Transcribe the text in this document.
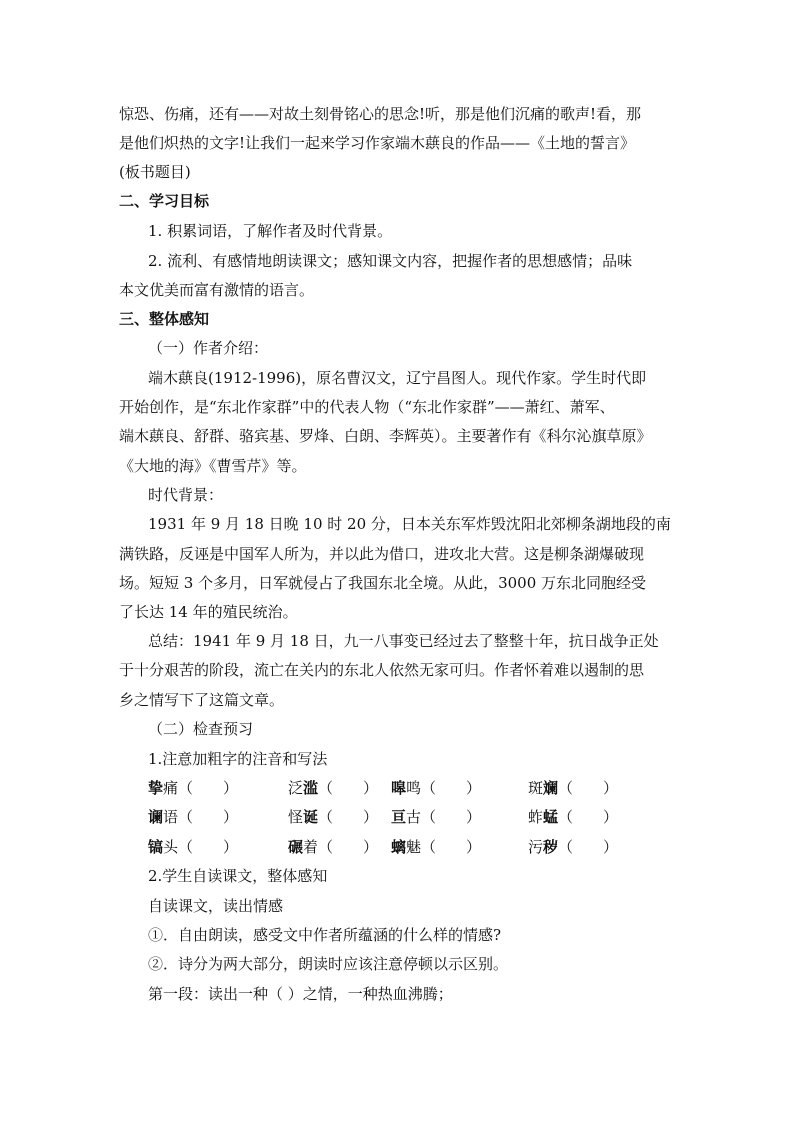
惊恐、伤痛，还有——对故土刻骨铭心的思念!听，那是他们沉痛的歌声!看，那
是他们炽热的文字!让我们一起来学习作家端木蕻良的作品——《土地的誓言》
(板书题目)
二、学习目标
1. 积累词语，了解作者及时代背景。
2. 流利、有感情地朗读课文；感知课文内容，把握作者的思想感情；品味
本文优美而富有激情的语言。
三、整体感知
（一）作者介绍：
端木蕻良(1912-1996)，原名曹汉文，辽宁昌图人。现代作家。学生时代即
开始创作，是“东北作家群”中的代表人物（“东北作家群”——萧红、萧军、
端木蕻良、舒群、骆宾基、罗烽、白朗、李辉英）。主要著作有《科尔沁旗草原》
《大地的海》《曹雪芹》等。
时代背景：
1931 年 9 月 18 日晚 10 时 20 分，日本关东军炸毁沈阳北郊柳条湖地段的南
满铁路，反诬是中国军人所为，并以此为借口，进攻北大营。这是柳条湖爆破现
场。短短 3 个多月，日军就侵占了我国东北全境。从此，3000 万东北同胞经受
了长达 14 年的殖民统治。
总结：1941 年 9 月 18 日，九一八事变已经过去了整整十年，抗日战争正处
于十分艰苦的阶段，流亡在关内的东北人依然无家可归。作者怀着难以遏制的思
乡之情写下了这篇文章。
（二）检查预习
1.注意加粗字的注音和写法
挚痛（　　）	泛滥（　　） 嗥鸣（　　）	斑斓（　　）
谰语（　　）	怪诞（　　） 亘古（　　）	蚱蜢（　　）
镐头（　　）	碾着（　　） 螭魅（　　）	污秽（　　）
2.学生自读课文，整体感知
自读课文，读出情感
①．自由朗读，感受文中作者所蕴涵的什么样的情感?
②．诗分为两大部分，朗读时应该注意停顿以示区别。
第一段：读出一种（ ）之情，一种热血沸腾；
